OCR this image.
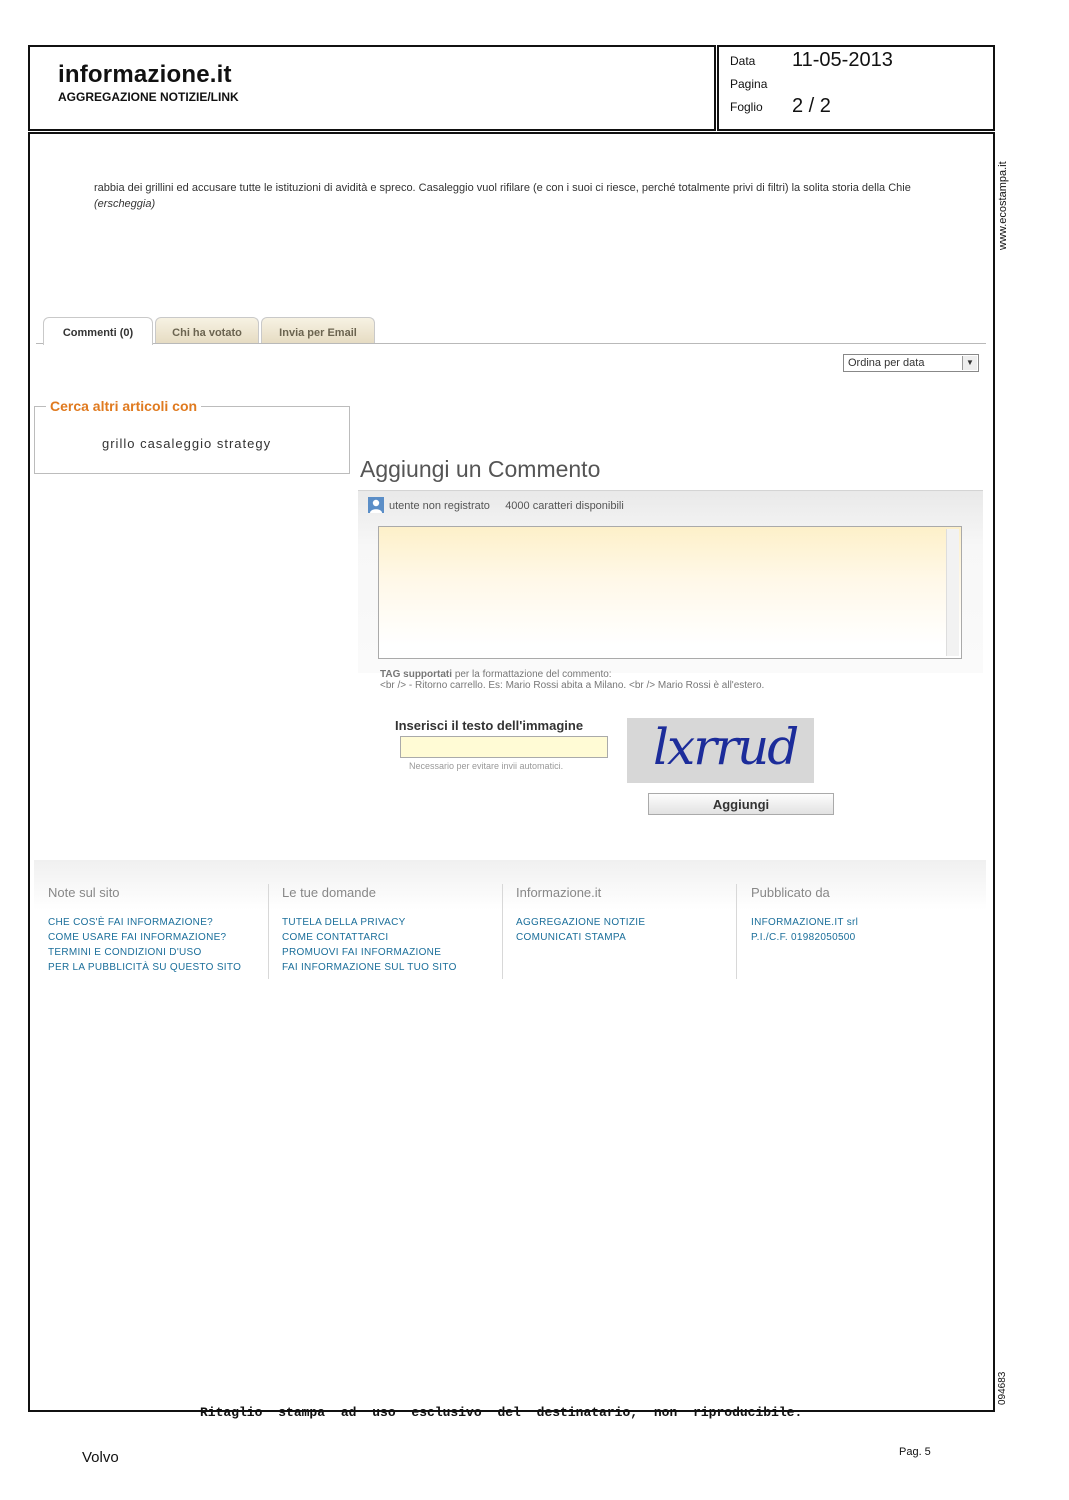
informazione.it
AGGREGAZIONE NOTIZIE/LINK
Data 11-05-2013
Pagina
Foglio 2 / 2
www.ecostampa.it
094683
rabbia dei grillini ed accusare tutte le istituzioni di avidità e spreco. Casaleggio vuol rifilare (e con i suoi ci riesce, perché totalmente privi di filtri) la solita storia della Chie
(erscheggia)
Commenti (0)	Chi ha votato	Invia per Email
Ordina per data	▼
Cerca altri articoli con
grillo casaleggio strategy
Aggiungi un Commento
utente non registrato 4000 caratteri disponibili
TAG supportati per la formattazione del commento:
<br /> - Ritorno carrello. Es: Mario Rossi abita a Milano. <br /> Mario Rossi è all'estero.
Inserisci il testo dell'immagine
Necessario per evitare invii automatici. lxrrud
Aggiungi
Note sul sito
CHE COS'È FAI INFORMAZIONE?
COME USARE FAI INFORMAZIONE?
TERMINI E CONDIZIONI D'USO
PER LA PUBBLICITÀ SU QUESTO SITO
Le tue domande
TUTELA DELLA PRIVACY
COME CONTATTARCI
PROMUOVI FAI INFORMAZIONE
FAI INFORMAZIONE SUL TUO SITO
Informazione.it
AGGREGAZIONE NOTIZIE
COMUNICATI STAMPA
Pubblicato da
INFORMAZIONE.IT srl
P.I./C.F. 01982050500
Ritaglio stampa ad uso esclusivo del destinatario, non riproducibile.
Volvo	Pag. 5
